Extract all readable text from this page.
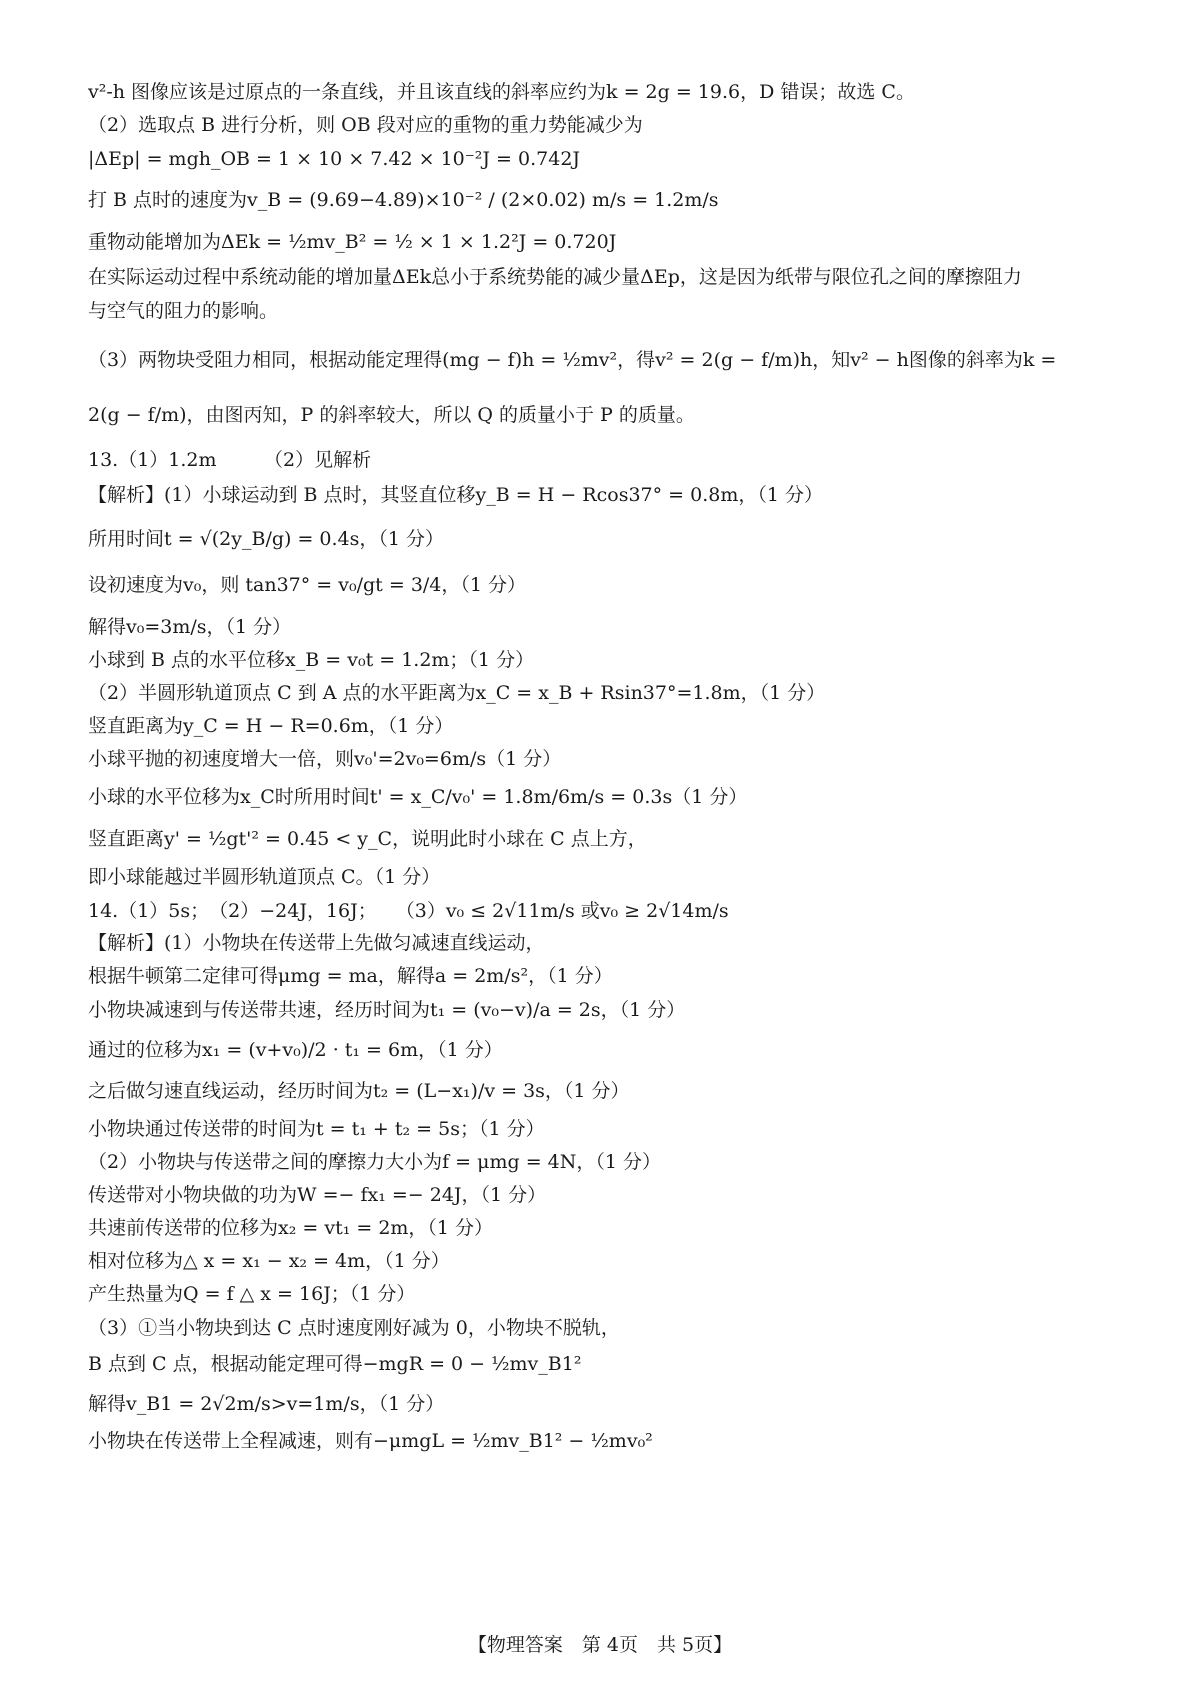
v²-h 图像应该是过原点的一条直线，并且该直线的斜率应约为k = 2g = 19.6，D 错误；故选 C。
（2）选取点 B 进行分析，则 OB 段对应的重物的重力势能减少为
|ΔEp| = mgh_OB = 1 × 10 × 7.42 × 10⁻²J = 0.742J
打 B 点时的速度为v_B = (9.69−4.89)×10⁻² / (2×0.02) m/s = 1.2m/s
重物动能增加为ΔEk = ½mv_B² = ½ × 1 × 1.2²J = 0.720J
在实际运动过程中系统动能的增加量ΔEk总小于系统势能的减少量ΔEp，这是因为纸带与限位孔之间的摩擦阻力
与空气的阻力的影响。
（3）两物块受阻力相同，根据动能定理得(mg − f)h = ½mv²，得v² = 2(g − f/m)h，知v² − h图像的斜率为k =
2(g − f/m)，由图丙知，P 的斜率较大，所以 Q 的质量小于 P 的质量。
13.（1）1.2m　　　（2）见解析
【解析】(1）小球运动到 B 点时，其竖直位移y_B = H − Rcos37° = 0.8m，（1 分）
所用时间t = √(2y_B/g) = 0.4s，（1 分）
设初速度为v₀，则 tan37° = v₀/gt = 3/4，（1 分）
解得v₀=3m/s，（1 分）
小球到 B 点的水平位移x_B = v₀t = 1.2m；（1 分）
（2）半圆形轨道顶点 C 到 A 点的水平距离为x_C = x_B + Rsin37°=1.8m，（1 分）
竖直距离为y_C = H − R=0.6m，（1 分）
小球平抛的初速度增大一倍，则v₀'=2v₀=6m/s（1 分）
小球的水平位移为x_C时所用时间t' = x_C/v₀' = 1.8m/6m/s = 0.3s（1 分）
竖直距离y' = ½gt'² = 0.45 < y_C，说明此时小球在 C 点上方，
即小球能越过半圆形轨道顶点 C。（1 分）
14.（1）5s；　（2）−24J，16J；　　（3）v₀ ≤ 2√11m/s 或v₀ ≥ 2√14m/s
【解析】(1）小物块在传送带上先做匀减速直线运动，
根据牛顿第二定律可得μmg = ma，解得a = 2m/s²，（1 分）
小物块减速到与传送带共速，经历时间为t₁ = (v₀−v)/a = 2s，（1 分）
通过的位移为x₁ = (v+v₀)/2 · t₁ = 6m，（1 分）
之后做匀速直线运动，经历时间为t₂ = (L−x₁)/v = 3s，（1 分）
小物块通过传送带的时间为t = t₁ + t₂ = 5s；（1 分）
（2）小物块与传送带之间的摩擦力大小为f = μmg = 4N，（1 分）
传送带对小物块做的功为W =− fx₁ =− 24J，（1 分）
共速前传送带的位移为x₂ = vt₁ = 2m，（1 分）
相对位移为△ x = x₁ − x₂ = 4m，（1 分）
产生热量为Q = f △ x = 16J；（1 分）
（3）①当小物块到达 C 点时速度刚好减为 0，小物块不脱轨，
B 点到 C 点，根据动能定理可得−mgR = 0 − ½mv_B1²
解得v_B1 = 2√2m/s>v=1m/s，（1 分）
小物块在传送带上全程减速，则有−μmgL = ½mv_B1² − ½mv₀²
【物理答案　第 4页　共 5页】
